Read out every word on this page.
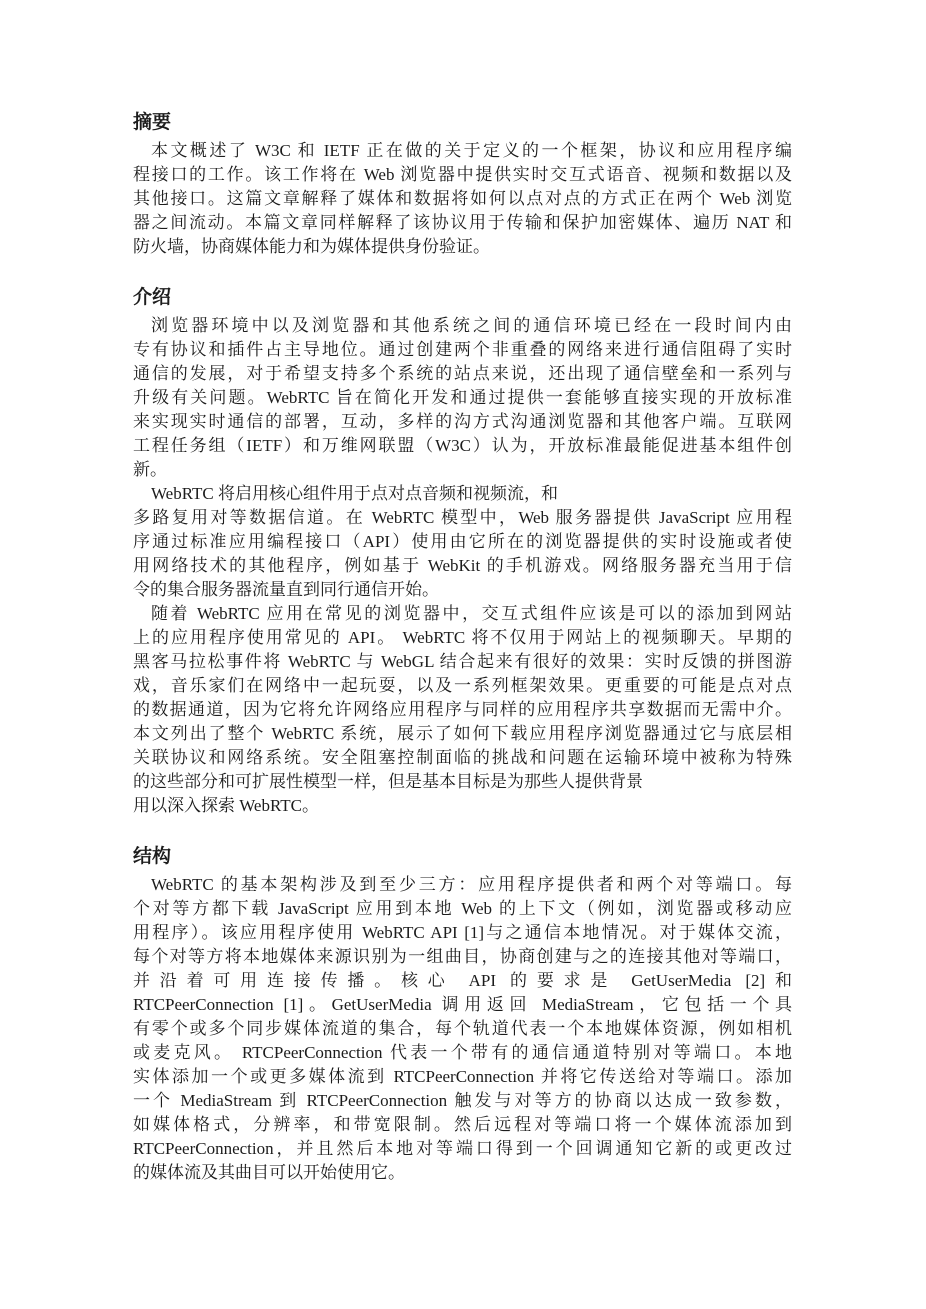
摘要
本文概述了 W3C 和 IETF 正在做的关于定义的一个框架，协议和应用程序编
程接口的工作。该工作将在 Web 浏览器中提供实时交互式语音、视频和数据以及
其他接口。这篇文章解释了媒体和数据将如何以点对点的方式正在两个 Web 浏览
器之间流动。本篇文章同样解释了该协议用于传输和保护加密媒体、遍历 NAT 和
防火墙，协商媒体能力和为媒体提供身份验证。
介绍
浏览器环境中以及浏览器和其他系统之间的通信环境已经在一段时间内由
专有协议和插件占主导地位。通过创建两个非重叠的网络来进行通信阻碍了实时
通信的发展，对于希望支持多个系统的站点来说，还出现了通信壁垒和一系列与
升级有关问题。WebRTC 旨在简化开发和通过提供一套能够直接实现的开放标准
来实现实时通信的部署，互动，多样的沟方式沟通浏览器和其他客户端。互联网
工程任务组（IETF）和万维网联盟（W3C）认为，开放标准最能促进基本组件创
新。
WebRTC 将启用核心组件用于点对点音频和视频流，和
多路复用对等数据信道。在 WebRTC 模型中，Web 服务器提供 JavaScript 应用程
序通过标准应用编程接口（API）使用由它所在的浏览器提供的实时设施或者使
用网络技术的其他程序，例如基于 WebKit 的手机游戏。网络服务器充当用于信
令的集合服务器流量直到同行通信开始。
随着 WebRTC 应用在常见的浏览器中，交互式组件应该是可以的添加到网站
上的应用程序使用常见的 API。 WebRTC 将不仅用于网站上的视频聊天。早期的
黑客马拉松事件将 WebRTC 与 WebGL 结合起来有很好的效果：实时反馈的拼图游
戏，音乐家们在网络中一起玩耍，以及一系列框架效果。更重要的可能是点对点
的数据通道，因为它将允许网络应用程序与同样的应用程序共享数据而无需中介。
本文列出了整个 WebRTC 系统，展示了如何下载应用程序浏览器通过它与底层相
关联协议和网络系统。安全阻塞控制面临的挑战和问题在运输环境中被称为特殊
的这些部分和可扩展性模型一样，但是基本目标是为那些人提供背景
用以深入探索 WebRTC。
结构
WebRTC 的基本架构涉及到至少三方：应用程序提供者和两个对等端口。每
个对等方都下载 JavaScript 应用到本地 Web 的上下文（例如，浏览器或移动应
用程序）。该应用程序使用 WebRTC API [1]与之通信本地情况。对于媒体交流，
每个对等方将本地媒体来源识别为一组曲目，协商创建与之的连接其他对等端口，
并沿着可用连接传播。核心 API 的要求是 GetUserMedia [2]和
RTCPeerConnection [1]。GetUserMedia 调用返回 MediaStream，它包括一个具
有零个或多个同步媒体流道的集合，每个轨道代表一个本地媒体资源，例如相机
或麦克风。 RTCPeerConnection 代表一个带有的通信通道特别对等端口。本地
实体添加一个或更多媒体流到 RTCPeerConnection 并将它传送给对等端口。添加
一个 MediaStream 到 RTCPeerConnection 触发与对等方的协商以达成一致参数，
如媒体格式，分辨率，和带宽限制。然后远程对等端口将一个媒体流添加到
RTCPeerConnection，并且然后本地对等端口得到一个回调通知它新的或更改过
的媒体流及其曲目可以开始使用它。
